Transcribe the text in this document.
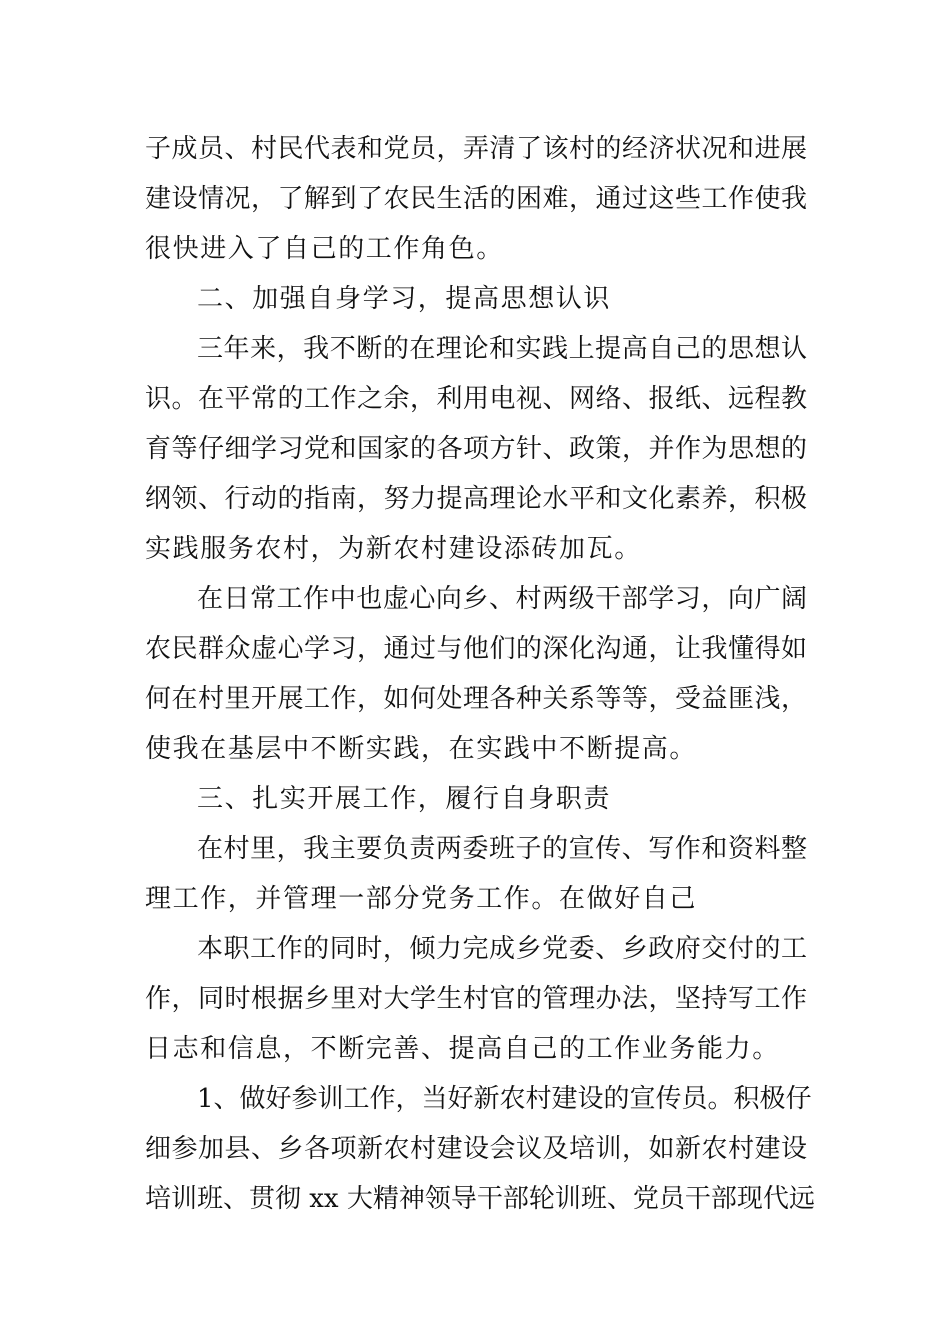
子成员、村民代表和党员，弄清了该村的经济状况和进展
建设情况，了解到了农民生活的困难，通过这些工作使我
很快进入了自己的工作角色。
二、加强自身学习，提高思想认识
三年来，我不断的在理论和实践上提高自己的思想认
识。在平常的工作之余，利用电视、网络、报纸、远程教
育等仔细学习党和国家的各项方针、政策，并作为思想的
纲领、行动的指南，努力提高理论水平和文化素养，积极
实践服务农村，为新农村建设添砖加瓦。
在日常工作中也虚心向乡、村两级干部学习，向广阔
农民群众虚心学习，通过与他们的深化沟通，让我懂得如
何在村里开展工作，如何处理各种关系等等，受益匪浅，
使我在基层中不断实践，在实践中不断提高。
三、扎实开展工作，履行自身职责
在村里，我主要负责两委班子的宣传、写作和资料整
理工作，并管理一部分党务工作。在做好自己
本职工作的同时，倾力完成乡党委、乡政府交付的工
作，同时根据乡里对大学生村官的管理办法，坚持写工作
日志和信息，不断完善、提高自己的工作业务能力。
1、做好参训工作，当好新农村建设的宣传员。积极仔
细参加县、乡各项新农村建设会议及培训，如新农村建设
培训班、贯彻 xx 大精神领导干部轮训班、党员干部现代远
